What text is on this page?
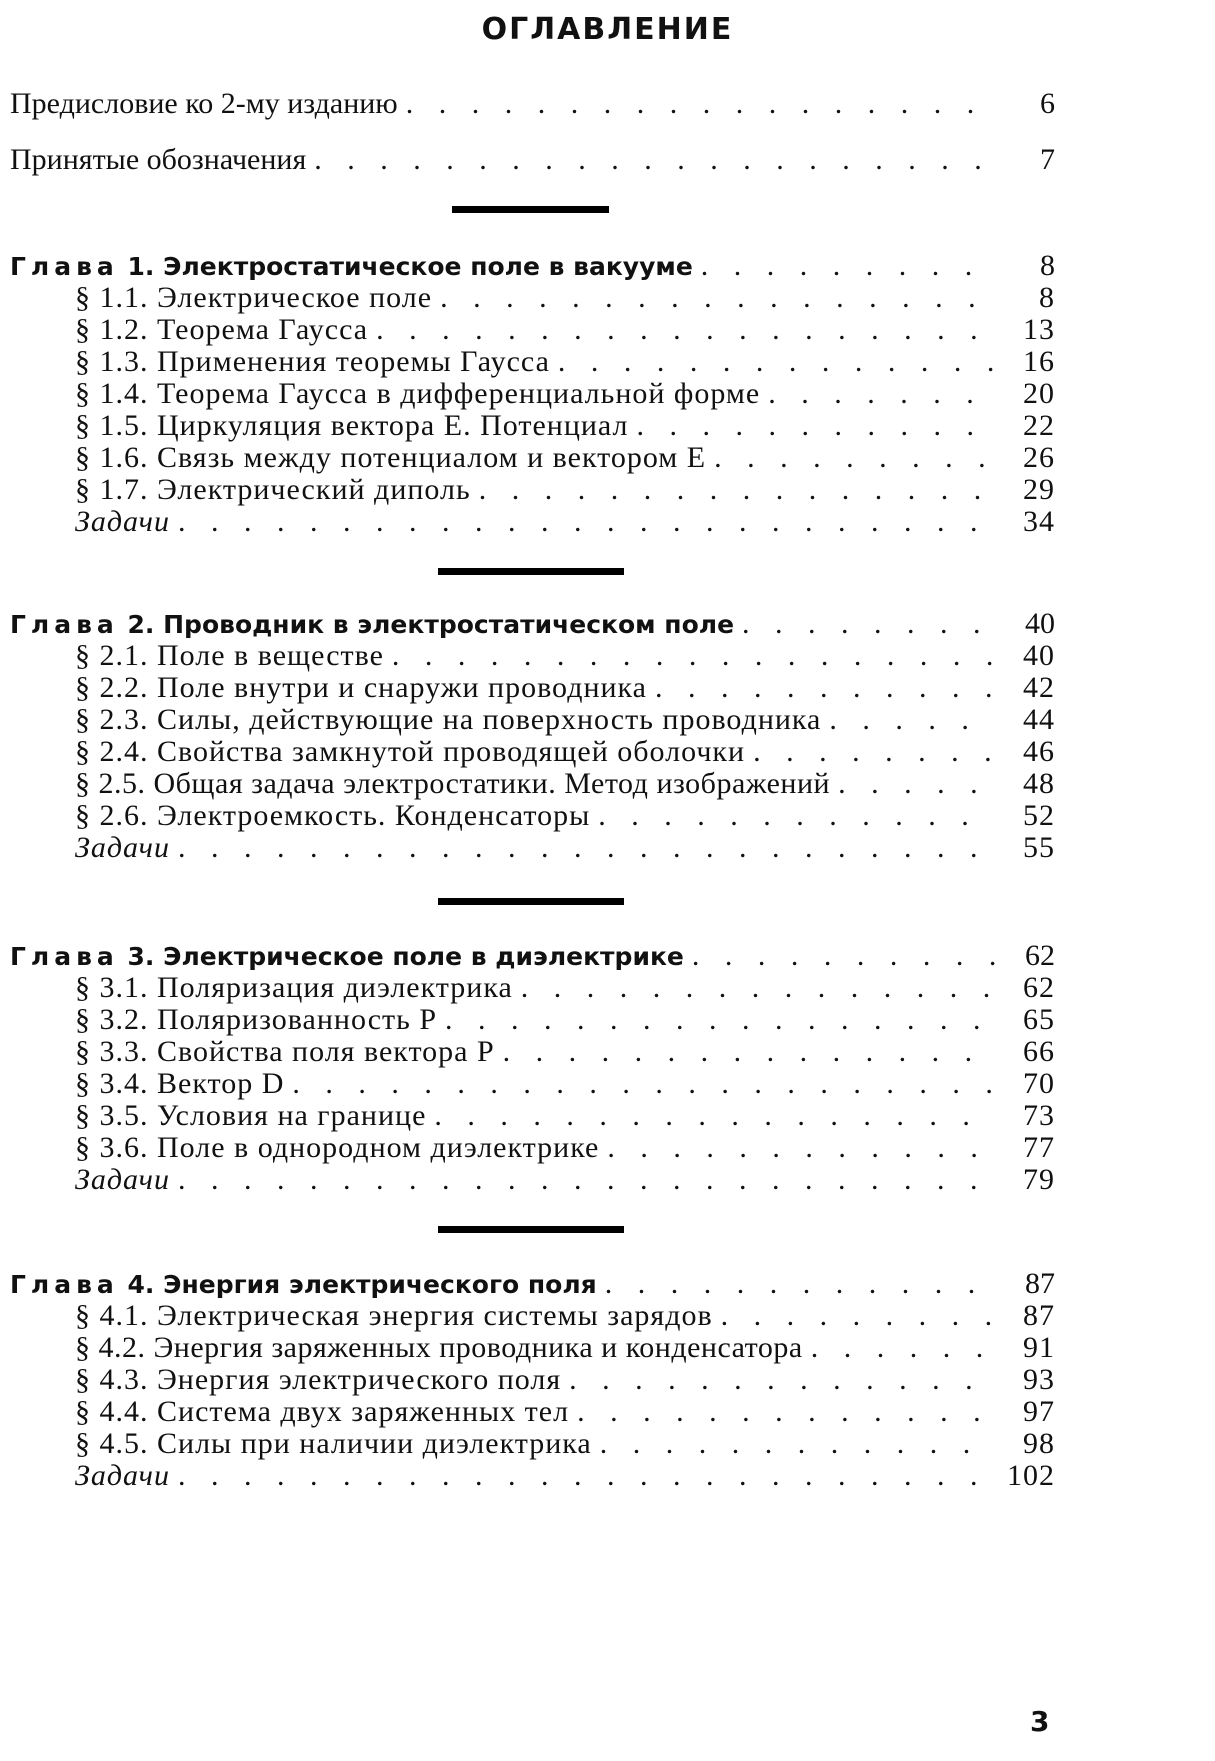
ОГЛАВЛЕНИЕ
Предисловие ко 2-му изданию . . .	6
Принятые обозначения . . .	7
Глава 1. Электростатическое поле в вакууме . . .	8
§ 1.1. Электрическое поле . . .	8
§ 1.2. Теорема Гаусса . . .	13
§ 1.3. Применения теоремы Гаусса . . .	16
§ 1.4. Теорема Гаусса в дифференциальной форме . . .	20
§ 1.5. Циркуляция вектора E. Потенциал . . .	22
§ 1.6. Связь между потенциалом и вектором E . . .	26
§ 1.7. Электрический диполь . . .	29
Задачи . . .	34
Глава 2. Проводник в электростатическом поле . . .	40
§ 2.1. Поле в веществе . . .	40
§ 2.2. Поле внутри и снаружи проводника . . .	42
§ 2.3. Силы, действующие на поверхность проводника . . .	44
§ 2.4. Свойства замкнутой проводящей оболочки . . .	46
§ 2.5. Общая задача электростатики. Метод изображений . . .	48
§ 2.6. Электроемкость. Конденсаторы . . .	52
Задачи . . .	55
Глава 3. Электрическое поле в диэлектрике . . .	62
§ 3.1. Поляризация диэлектрика . . .	62
§ 3.2. Поляризованность P . . .	65
§ 3.3. Свойства поля вектора P . . .	66
§ 3.4. Вектор D . . .	70
§ 3.5. Условия на границе . . .	73
§ 3.6. Поле в однородном диэлектрике . . .	77
Задачи . . .	79
Глава 4. Энергия электрического поля . . .	87
§ 4.1. Электрическая энергия системы зарядов . . .	87
§ 4.2. Энергия заряженных проводника и конденсатора . . .	91
§ 4.3. Энергия электрического поля . . .	93
§ 4.4. Система двух заряженных тел . . .	97
§ 4.5. Силы при наличии диэлектрика . . .	98
Задачи . . .	102
3
